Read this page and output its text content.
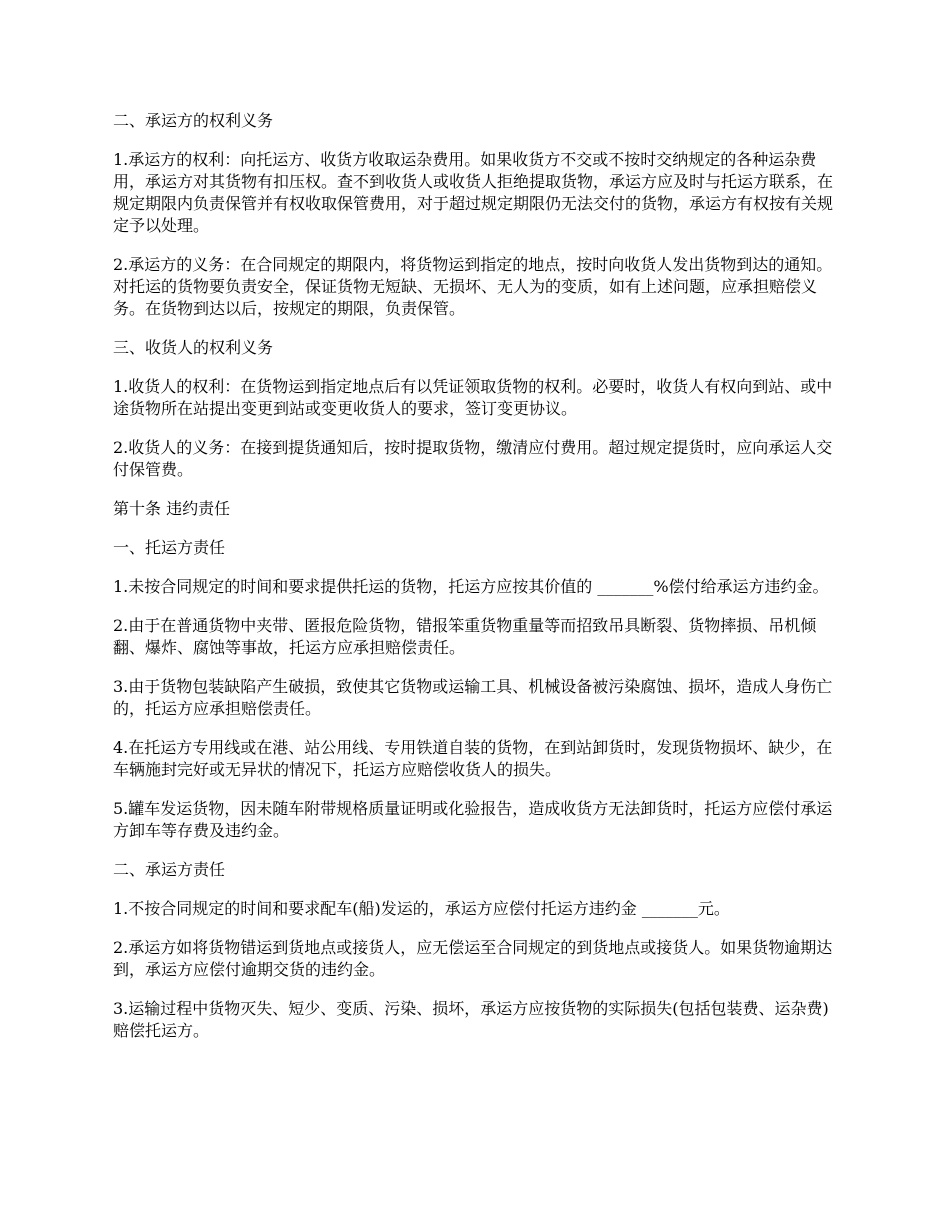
二、承运方的权利义务

1.承运方的权利：向托运方、收货方收取运杂费用。如果收货方不交或不按时交纳规定的各种运杂费用，承运方对其货物有扣压权。查不到收货人或收货人拒绝提取货物，承运方应及时与托运方联系，在规定期限内负责保管并有权收取保管费用，对于超过规定期限仍无法交付的货物，承运方有权按有关规定予以处理。

2.承运方的义务：在合同规定的期限内，将货物运到指定的地点，按时向收货人发出货物到达的通知。对托运的货物要负责安全，保证货物无短缺、无损坏、无人为的变质，如有上述问题，应承担赔偿义务。在货物到达以后，按规定的期限，负责保管。

三、收货人的权利义务

1.收货人的权利：在货物运到指定地点后有以凭证领取货物的权利。必要时，收货人有权向到站、或中途货物所在站提出变更到站或变更收货人的要求，签订变更协议。

2.收货人的义务：在接到提货通知后，按时提取货物，缴清应付费用。超过规定提货时，应向承运人交付保管费。

第十条 违约责任

一、托运方责任

1.未按合同规定的时间和要求提供托运的货物，托运方应按其价值的 _______%偿付给承运方违约金。

2.由于在普通货物中夹带、匿报危险货物，错报笨重货物重量等而招致吊具断裂、货物摔损、吊机倾翻、爆炸、腐蚀等事故，托运方应承担赔偿责任。

3.由于货物包装缺陷产生破损，致使其它货物或运输工具、机械设备被污染腐蚀、损坏，造成人身伤亡的，托运方应承担赔偿责任。

4.在托运方专用线或在港、站公用线、专用铁道自装的货物，在到站卸货时，发现货物损坏、缺少，在车辆施封完好或无异状的情况下，托运方应赔偿收货人的损失。

5.罐车发运货物，因未随车附带规格质量证明或化验报告，造成收货方无法卸货时，托运方应偿付承运方卸车等存费及违约金。

二、承运方责任

1.不按合同规定的时间和要求配车(船)发运的，承运方应偿付托运方违约金 _______元。

2.承运方如将货物错运到货地点或接货人，应无偿运至合同规定的到货地点或接货人。如果货物逾期达到，承运方应偿付逾期交货的违约金。

3.运输过程中货物灭失、短少、变质、污染、损坏，承运方应按货物的实际损失(包括包装费、运杂费)赔偿托运方。
